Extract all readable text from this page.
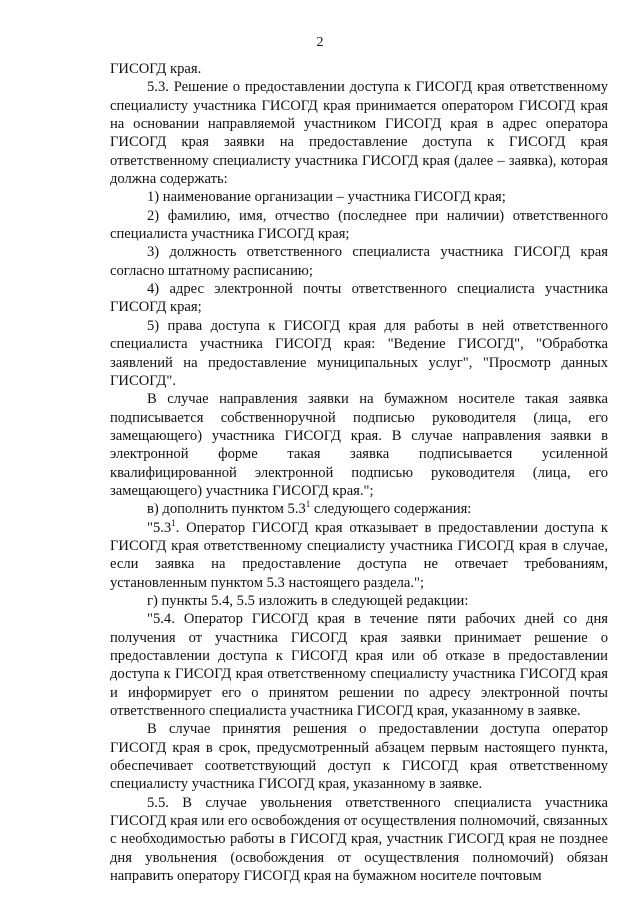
2

ГИСОГД края.

5.3. Решение о предоставлении доступа к ГИСОГД края ответственному специалисту участника ГИСОГД края принимается оператором ГИСОГД края на основании направляемой участником ГИСОГД края в адрес оператора ГИСОГД края заявки на предоставление доступа к ГИСОГД края ответственному специалисту участника ГИСОГД края (далее – заявка), которая должна содержать:

1) наименование организации – участника ГИСОГД края;

2) фамилию, имя, отчество (последнее при наличии) ответственного специалиста участника ГИСОГД края;

3) должность ответственного специалиста участника ГИСОГД края согласно штатному расписанию;

4) адрес электронной почты ответственного специалиста участника ГИСОГД края;

5) права доступа к ГИСОГД края для работы в ней ответственного специалиста участника ГИСОГД края: "Ведение ГИСОГД", "Обработка заявлений на предоставление муниципальных услуг", "Просмотр данных ГИСОГД".

В случае направления заявки на бумажном носителе такая заявка подписывается собственноручной подписью руководителя (лица, его замещающего) участника ГИСОГД края. В случае направления заявки в электронной форме такая заявка подписывается усиленной квалифицированной электронной подписью руководителя (лица, его замещающего) участника ГИСОГД края.";

в) дополнить пунктом $5.3^1$ следующего содержания:

"$5.3^1$. Оператор ГИСОГД края отказывает в предоставлении доступа к ГИСОГД края ответственному специалисту участника ГИСОГД края в случае, если заявка на предоставление доступа не отвечает требованиям, установленным пунктом 5.3 настоящего раздела.";

г) пункты 5.4, 5.5 изложить в следующей редакции:

"5.4. Оператор ГИСОГД края в течение пяти рабочих дней со дня получения от участника ГИСОГД края заявки принимает решение о предоставлении доступа к ГИСОГД края или об отказе в предоставлении доступа к ГИСОГД края ответственному специалисту участника ГИСОГД края и информирует его о принятом решении по адресу электронной почты ответственного специалиста участника ГИСОГД края, указанному в заявке.

В случае принятия решения о предоставлении доступа оператор ГИСОГД края в срок, предусмотренный абзацем первым настоящего пункта, обеспечивает соответствующий доступ к ГИСОГД края ответственному специалисту участника ГИСОГД края, указанному в заявке.

5.5. В случае увольнения ответственного специалиста участника ГИСОГД края или его освобождения от осуществления полномочий, связанных с необходимостью работы в ГИСОГД края, участник ГИСОГД края не позднее дня увольнения (освобождения от осуществления полномочий) обязан направить оператору ГИСОГД края на бумажном носителе почтовым
